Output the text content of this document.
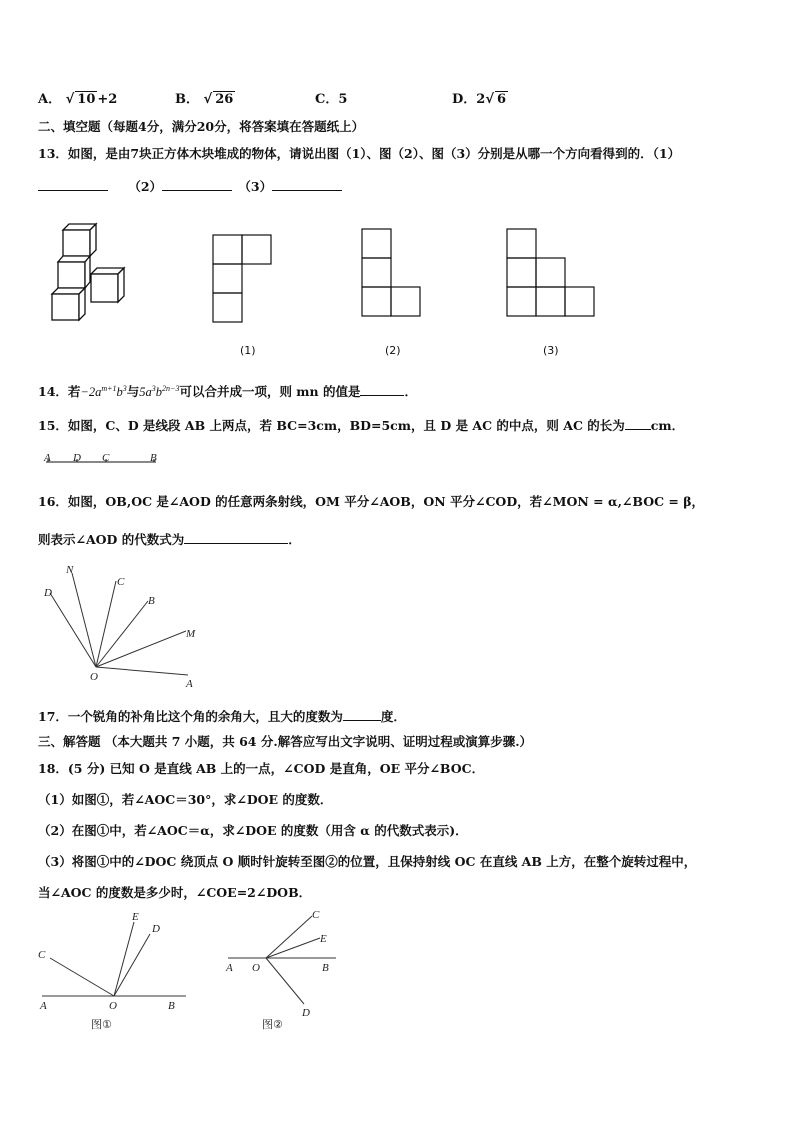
A． √ 10 +2	B． √ 26	C．5	D．2√ 6
二、填空题（每题4分，满分20分，将答案填在答题纸上）
13．如图，是由7块正方体木块堆成的物体，请说出图（1）、图（2）、图（3）分别是从哪一个方向看得到的．（1）
（2）	（3）
(1)	(2)	(3)
14．若$-2a^{m+1}b^3$与$5a^3b^{2n-3}$可以合并成一项，则 mn 的值是	．
15．如图，C、D 是线段 AB 上两点，若 BC=3cm，BD=5cm，且 D 是 AC 的中点，则 AC 的长为 cm．
A D C	B
16．如图，OB,OC 是∠AOD 的任意两条射线，OM 平分∠AOB，ON 平分∠COD，若∠MON = α,∠BOC = β，
则表示∠AOD 的代数式为	．
N
C
D
B
M
O
A
17．一个锐角的补角比这个角的余角大，且大的度数为	度．
三、解答题 （本大题共 7 小题，共 64 分.解答应写出文字说明、证明过程或演算步骤.）
18．(5 分) 已知 O 是直线 AB 上的一点，∠COD 是直角，OE 平分∠BOC．
（1）如图①，若∠AOC＝30°，求∠DOE 的度数．
（2）在图①中，若∠AOC＝α，求∠DOE 的度数（用含 α 的代数式表示)．
（3）将图①中的∠DOC 绕顶点 O 顺时针旋转至图②的位置，且保持射线 OC 在直线 AB 上方，在整个旋转过程中，
当∠AOC 的度数是多少时，∠COE=2∠DOB．
E
D
C
A	O	B
图①
C
E
A O	B
D
图②
